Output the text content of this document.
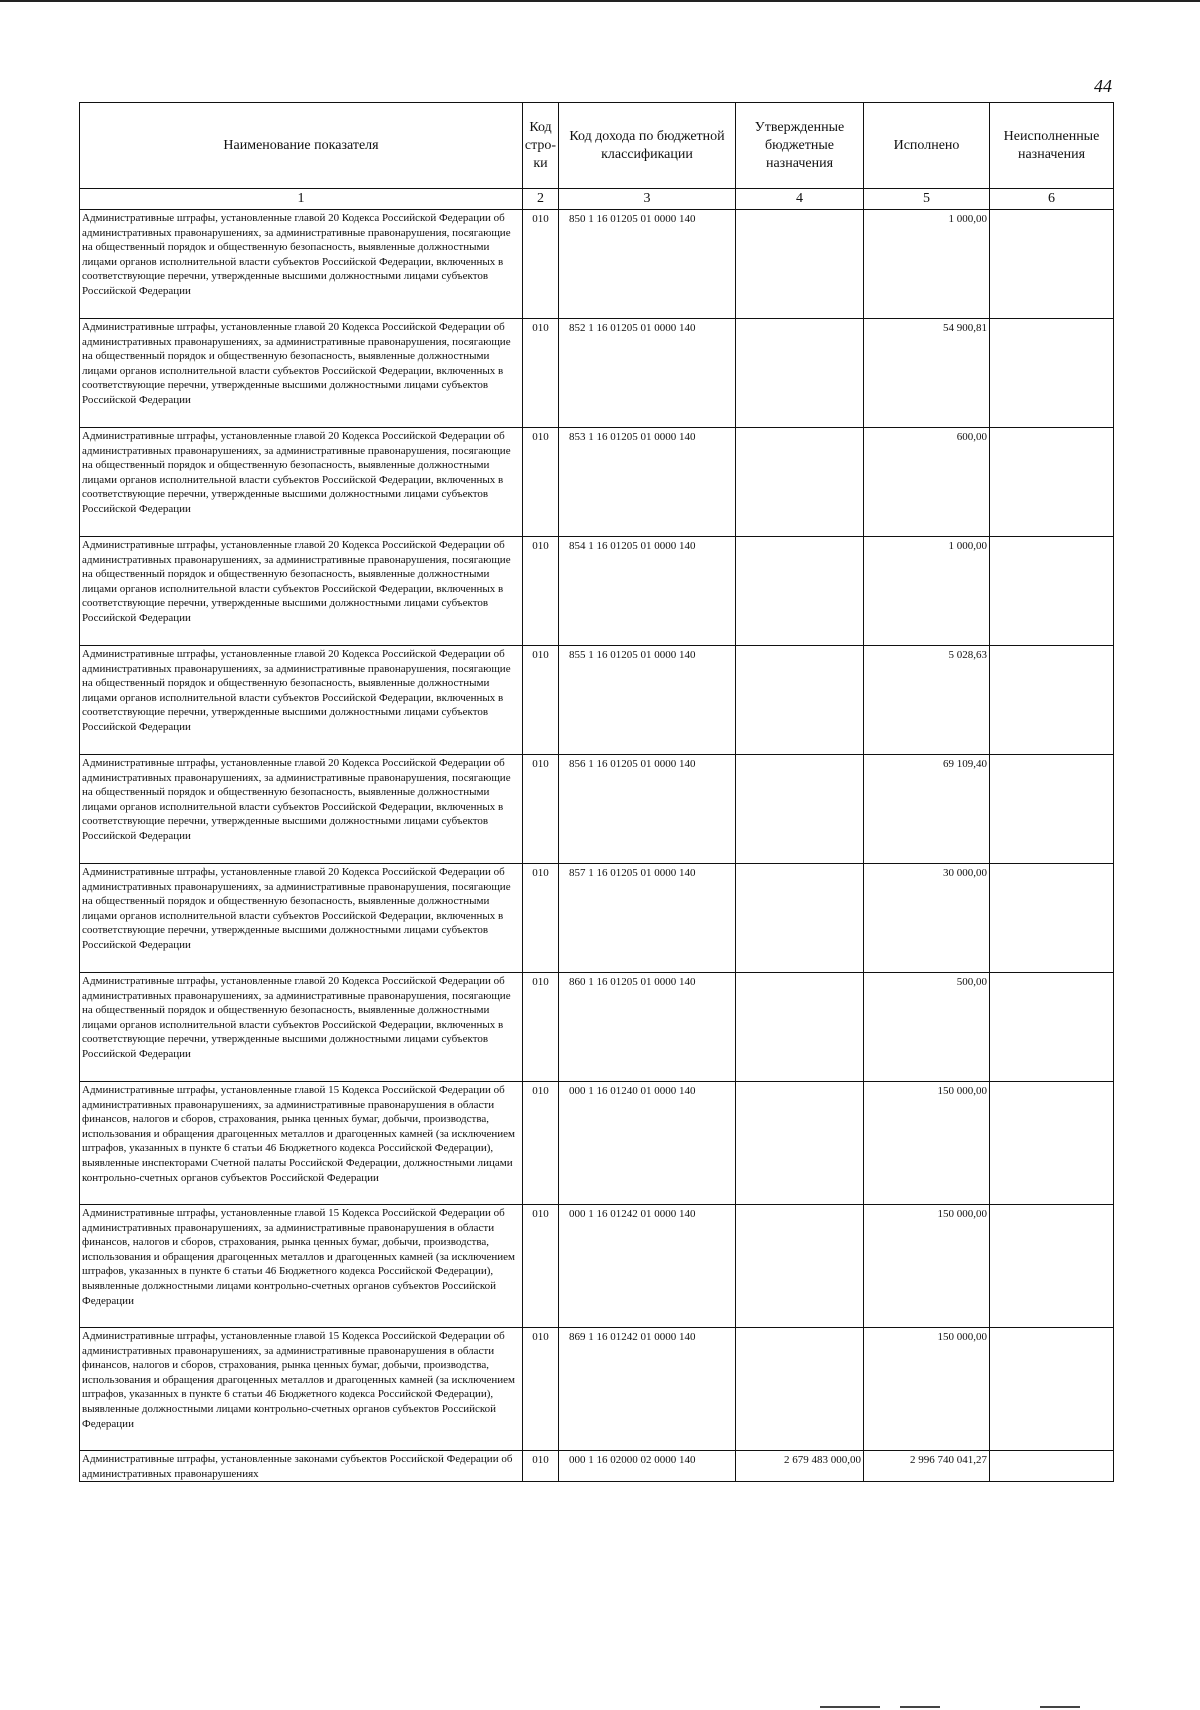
44
Наименование показателя	Код стро-ки	Код дохода по бюджетной классификации	Утвержденные бюджетные назначения	Исполнено	Неисполненные назначения
1	2	3	4	5	6
Административные штрафы, установленные главой 20 Кодекса Российской Федерации об административных правонарушениях, за административные правонарушения, посягающие на общественный порядок и общественную безопасность, выявленные должностными лицами органов исполнительной власти субъектов Российской Федерации, включенных в соответствующие перечни, утвержденные высшими должностными лицами субъектов Российской Федерации	010	850 1 16 01205 01 0000 140		1 000,00	
Административные штрафы, установленные главой 20 Кодекса Российской Федерации об административных правонарушениях, за административные правонарушения, посягающие на общественный порядок и общественную безопасность, выявленные должностными лицами органов исполнительной власти субъектов Российской Федерации, включенных в соответствующие перечни, утвержденные высшими должностными лицами субъектов Российской Федерации	010	852 1 16 01205 01 0000 140		54 900,81	
Административные штрафы, установленные главой 20 Кодекса Российской Федерации об административных правонарушениях, за административные правонарушения, посягающие на общественный порядок и общественную безопасность, выявленные должностными лицами органов исполнительной власти субъектов Российской Федерации, включенных в соответствующие перечни, утвержденные высшими должностными лицами субъектов Российской Федерации	010	853 1 16 01205 01 0000 140		600,00	
Административные штрафы, установленные главой 20 Кодекса Российской Федерации об административных правонарушениях, за административные правонарушения, посягающие на общественный порядок и общественную безопасность, выявленные должностными лицами органов исполнительной власти субъектов Российской Федерации, включенных в соответствующие перечни, утвержденные высшими должностными лицами субъектов Российской Федерации	010	854 1 16 01205 01 0000 140		1 000,00	
Административные штрафы, установленные главой 20 Кодекса Российской Федерации об административных правонарушениях, за административные правонарушения, посягающие на общественный порядок и общественную безопасность, выявленные должностными лицами органов исполнительной власти субъектов Российской Федерации, включенных в соответствующие перечни, утвержденные высшими должностными лицами субъектов Российской Федерации	010	855 1 16 01205 01 0000 140		5 028,63	
Административные штрафы, установленные главой 20 Кодекса Российской Федерации об административных правонарушениях, за административные правонарушения, посягающие на общественный порядок и общественную безопасность, выявленные должностными лицами органов исполнительной власти субъектов Российской Федерации, включенных в соответствующие перечни, утвержденные высшими должностными лицами субъектов Российской Федерации	010	856 1 16 01205 01 0000 140		69 109,40	
Административные штрафы, установленные главой 20 Кодекса Российской Федерации об административных правонарушениях, за административные правонарушения, посягающие на общественный порядок и общественную безопасность, выявленные должностными лицами органов исполнительной власти субъектов Российской Федерации, включенных в соответствующие перечни, утвержденные высшими должностными лицами субъектов Российской Федерации	010	857 1 16 01205 01 0000 140		30 000,00	
Административные штрафы, установленные главой 20 Кодекса Российской Федерации об административных правонарушениях, за административные правонарушения, посягающие на общественный порядок и общественную безопасность, выявленные должностными лицами органов исполнительной власти субъектов Российской Федерации, включенных в соответствующие перечни, утвержденные высшими должностными лицами субъектов Российской Федерации	010	860 1 16 01205 01 0000 140		500,00	
Административные штрафы, установленные главой 15 Кодекса Российской Федерации об административных правонарушениях, за административные правонарушения в области финансов, налогов и сборов, страхования, рынка ценных бумаг, добычи, производства, использования и обращения драгоценных металлов и драгоценных камней (за исключением штрафов, указанных в пункте 6 статьи 46 Бюджетного кодекса Российской Федерации), выявленные инспекторами Счетной палаты Российской Федерации, должностными лицами контрольно-счетных органов субъектов Российской Федерации	010	000 1 16 01240 01 0000 140		150 000,00	
Административные штрафы, установленные главой 15 Кодекса Российской Федерации об административных правонарушениях, за административные правонарушения в области финансов, налогов и сборов, страхования, рынка ценных бумаг, добычи, производства, использования и обращения драгоценных металлов и драгоценных камней (за исключением штрафов, указанных в пункте 6 статьи 46 Бюджетного кодекса Российской Федерации), выявленные должностными лицами контрольно-счетных органов субъектов Российской Федерации	010	000 1 16 01242 01 0000 140		150 000,00	
Административные штрафы, установленные главой 15 Кодекса Российской Федерации об административных правонарушениях, за административные правонарушения в области финансов, налогов и сборов, страхования, рынка ценных бумаг, добычи, производства, использования и обращения драгоценных металлов и драгоценных камней (за исключением штрафов, указанных в пункте 6 статьи 46 Бюджетного кодекса Российской Федерации), выявленные должностными лицами контрольно-счетных органов субъектов Российской Федерации	010	869 1 16 01242 01 0000 140		150 000,00	
Административные штрафы, установленные законами субъектов Российской Федерации об административных правонарушениях	010	000 1 16 02000 02 0000 140	2 679 483 000,00	2 996 740 041,27	
